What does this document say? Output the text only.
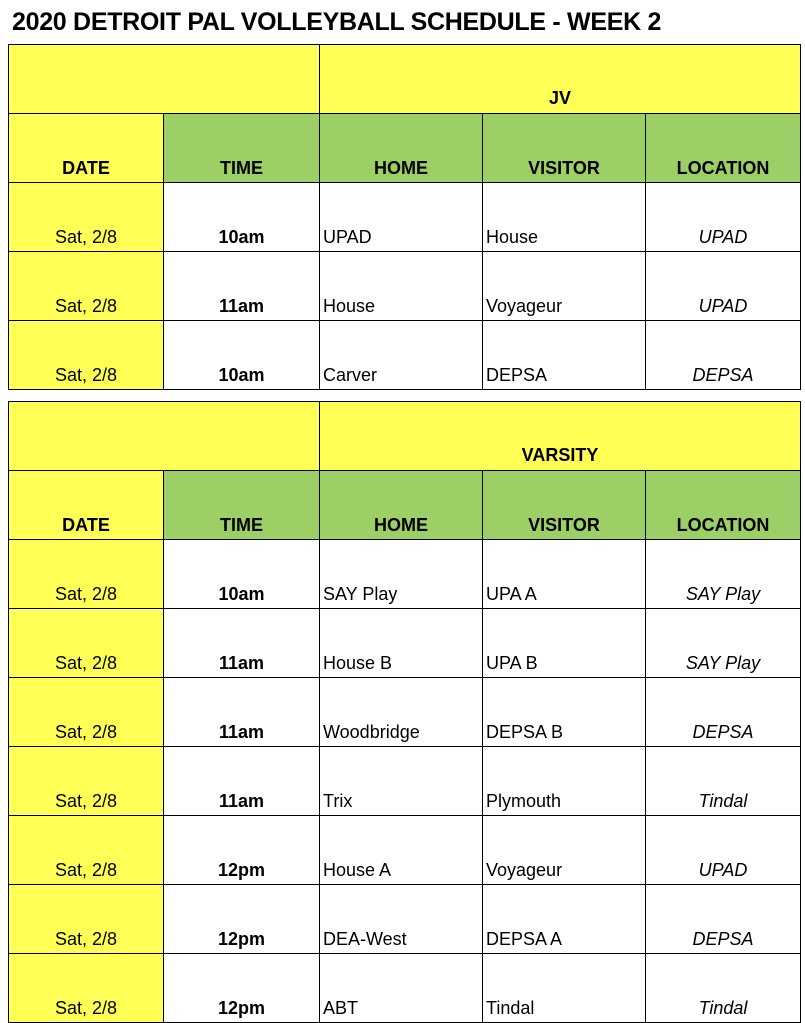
2020 DETROIT PAL VOLLEYBALL SCHEDULE - WEEK 2
		JV		
DATE	TIME	HOME	VISITOR	LOCATION
Sat, 2/8	10am	UPAD	House	UPAD
Sat, 2/8	11am	House	Voyageur	UPAD
Sat, 2/8	10am	Carver	DEPSA	DEPSA
		VARSITY		
DATE	TIME	HOME	VISITOR	LOCATION
Sat, 2/8	10am	SAY Play	UPA A	SAY Play
Sat, 2/8	11am	House B	UPA B	SAY Play
Sat, 2/8	11am	Woodbridge	DEPSA B	DEPSA
Sat, 2/8	11am	Trix	Plymouth	Tindal
Sat, 2/8	12pm	House A	Voyageur	UPAD
Sat, 2/8	12pm	DEA-West	DEPSA A	DEPSA
Sat, 2/8	12pm	ABT	Tindal	Tindal
